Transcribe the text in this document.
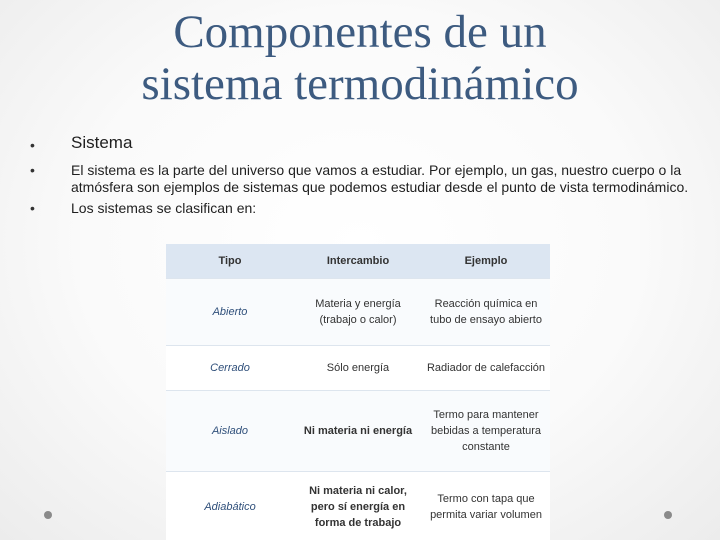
Componentes de un
sistema termodinámico
• Sistema
•	El sistema es la parte del universo que vamos a estudiar. Por ejemplo, un gas, nuestro cuerpo o la atmósfera son ejemplos de sistemas que podemos estudiar desde el punto de vista termodinámico.
•	Los sistemas se clasifican en:
Tipo	Intercambio	Ejemplo
Abierto	Materia y energía (trabajo o calor)	Reacción química en tubo de ensayo abierto
Cerrado	Sólo energía	Radiador de calefacción
Aislado	Ni materia ni energía	Termo para mantener bebidas a temperatura constante
Adiabático	Ni materia ni calor, pero sí energía en forma de trabajo	Termo con tapa que permita variar volumen
